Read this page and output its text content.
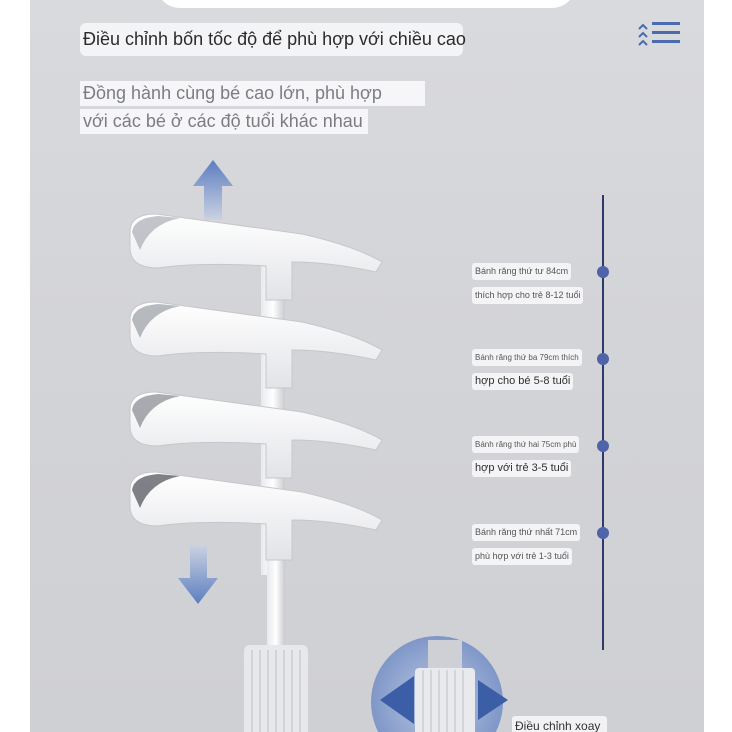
Điều chỉnh bốn tốc độ để phù hợp với chiều cao
Đồng hành cùng bé cao lớn, phù hợp
với các bé ở các độ tuổi khác nhau
Bánh răng thứ tư 84cm
thích hợp cho trẻ 8-12 tuổi
Bánh răng thứ ba 79cm thích
hợp cho bé 5-8 tuổi
Bánh răng thứ hai 75cm phù
hợp với trẻ 3-5 tuổi
Bánh răng thứ nhất 71cm
phù hợp với trẻ 1-3 tuổi
Điều chỉnh xoay
